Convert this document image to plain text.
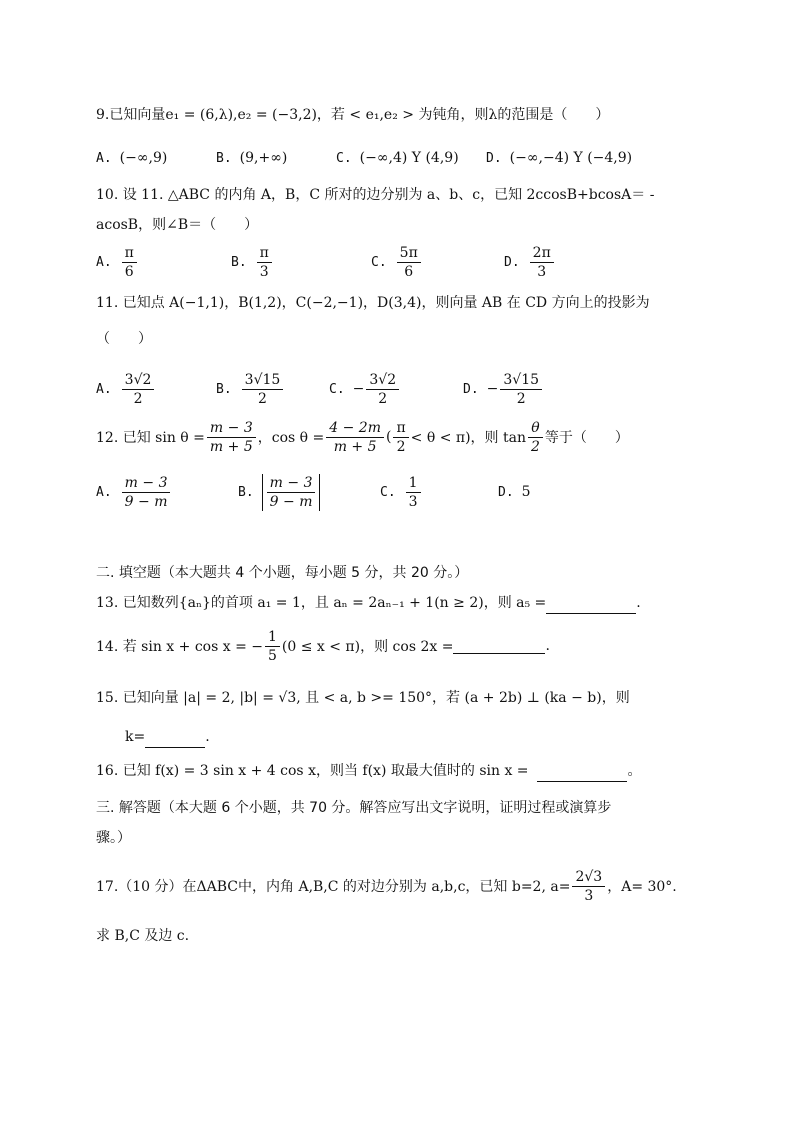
9.已知向量e₁ = (6,λ),e₂ = (−3,2)，若 < e₁,e₂ > 为钝角，则λ的范围是（　　）
A. (−∞,9)	B. (9,+∞)	C. (−∞,4) Y (4,9) D. (−∞,−4) Y (−4,9)
10. 设 11. △ABC 的内角 A，B，C 所对的边分别为 a、b、c，已知 2ccosB+bcosA＝ -
acosB，则∠B＝（　　）
A. $\frac{\pi}{6}$	B. $\frac{\pi}{3}$	C. $\frac{5\pi}{6}$	D. $\frac{2\pi}{3}$
11. 已知点 A(−1,1)，B(1,2)，C(−2,−1)，D(3,4)，则向量 AB 在 CD 方向上的投影为
（　　）
A. $\frac{3√2}{2}$	B. $\frac{3√15}{2}$	C. − $\frac{3√2}{2}$	D. − $\frac{3√15}{2}$
12. 已知 $\sin \theta = \frac{m - 3}{m + 5}$ ，$\cos \theta = \frac{4 - 2m}{m + 5}$ ( $\frac{\pi}{2} < \theta < \pi$)，则 $\tan \frac{\theta}{2}$ 等于（　　）
A. $\frac{m - 3}{9 - m}$	B. $\frac{m - 3}{9 - m}$	C. $\frac{1}{3}$	D. 5
二. 填空题（本大题共 4 个小题，每小题 5 分，共 20 分。）
13. 已知数列{aₙ}的首项 a₁ = 1，且 aₙ = 2aₙ₋₁ + 1(n ≥ 2)，则 a₅ =	.
14. 若 sin x + cos x = − $\frac{1}{5} (0 \le x < \pi)$，则 cos 2x =	.
15. 已知向量 |a| = 2, |b| = √3, 且 < a, b >= 150°，若 (a + 2b) ⊥ (ka − b)，则
k=	.
16. 已知 f(x) = 3 sin x + 4 cos x，则当 f(x) 取最大值时的 sin x =	。
三. 解答题（本大题 6 个小题，共 70 分。解答应写出文字说明，证明过程或演算步
骤。）
17.（10 分）在ΔABC中，内角 A,B,C 的对边分别为 a,b,c，已知 b=2, $a= \frac{2√3}{3}$ ，A= 30°.
求 B,C 及边 c.
